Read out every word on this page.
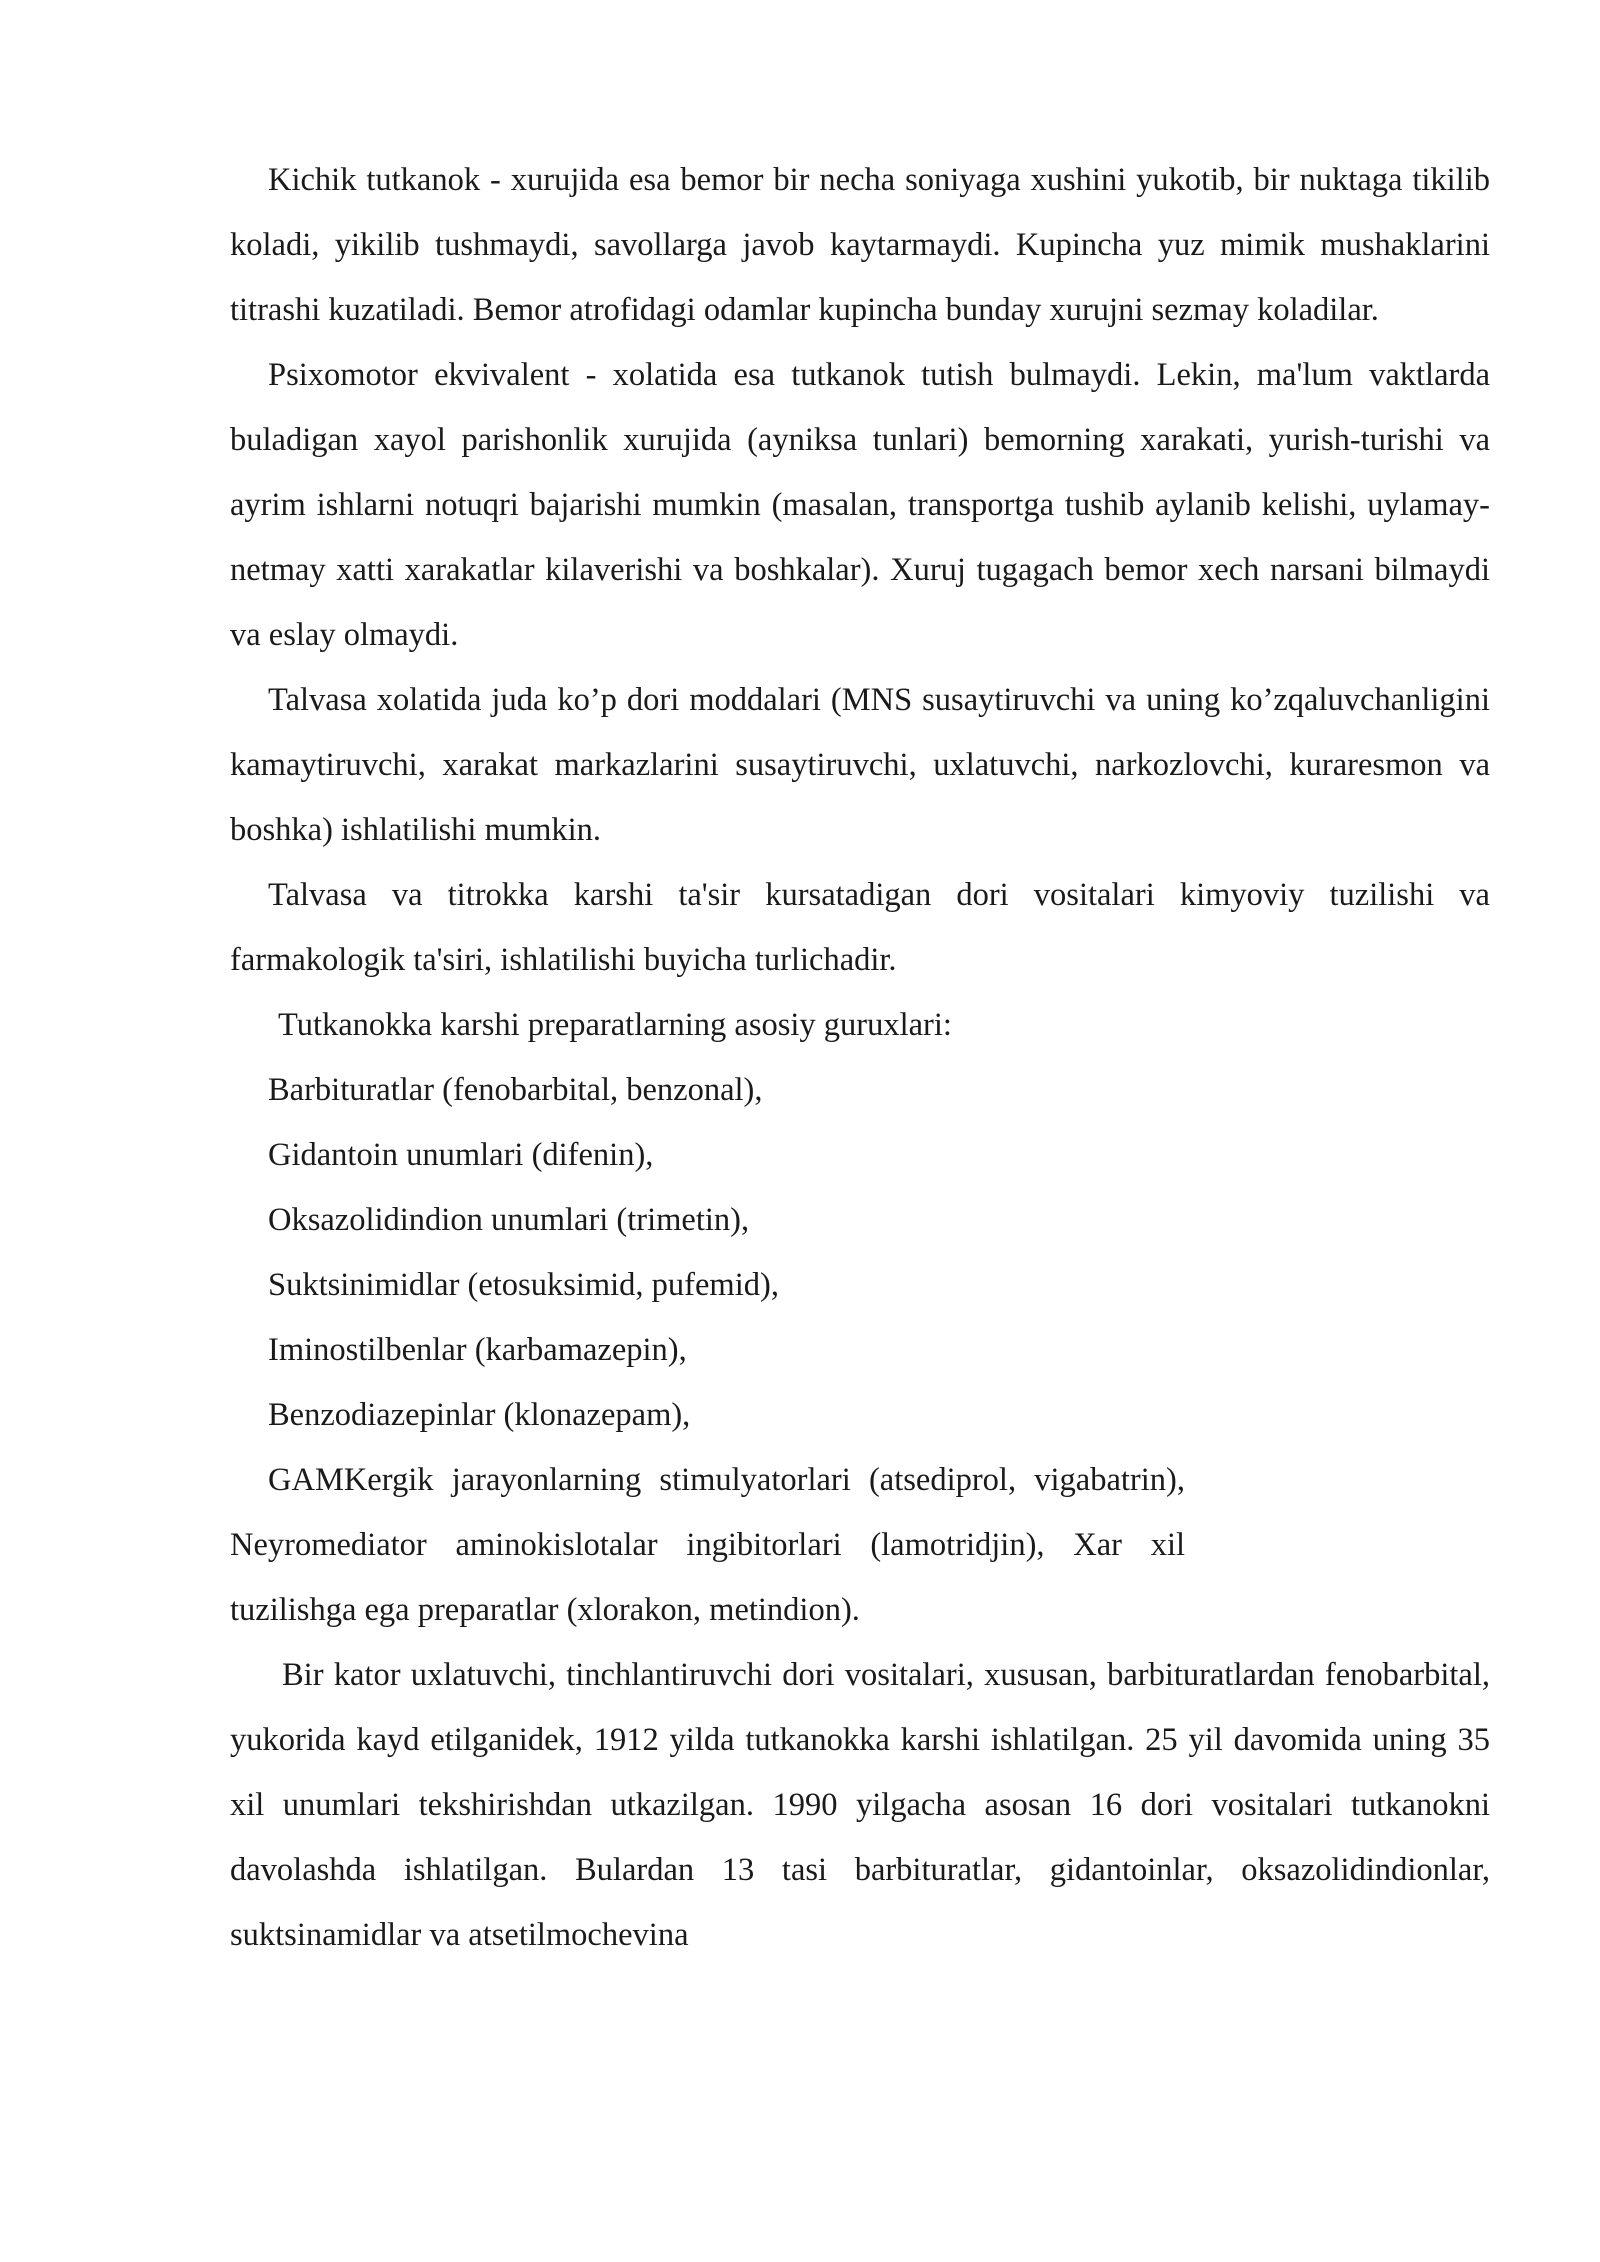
Kichik tutkanok - xurujida esa bemor bir necha soniyaga xushini yukotib, bir nuktaga tikilib koladi, yikilib tushmaydi, savollarga javob kaytarmaydi. Kupincha yuz mimik mushaklarini titrashi kuzatiladi. Bemor atrofidagi odamlar kupincha bunday xurujni sezmay koladilar.

Psixomotor ekvivalent - xolatida esa tutkanok tutish bulmaydi. Lekin, ma'lum vaktlarda buladigan xayol parishonlik xurujida (ayniksa tunlari) bemorning xarakati, yurish-turishi va ayrim ishlarni notuqri bajarishi mumkin (masalan, transportga tushib aylanib kelishi, uylamay-netmay xatti xarakatlar kilaverishi va boshkalar). Xuruj tugagach bemor xech narsani bilmaydi va eslay olmaydi.

Talvasa xolatida juda ko’p dori moddalari (MNS susaytiruvchi va uning ko’zqaluvchanligini kamaytiruvchi, xarakat markazlarini susaytiruvchi, uxlatuvchi, narkozlovchi, kuraresmon va boshka) ishlatilishi mumkin.

Talvasa va titrokka karshi ta'sir kursatadigan dori vositalari kimyoviy tuzilishi va farmakologik ta'siri, ishlatilishi buyicha turlichadir.

Tutkanokka karshi preparatlarning asosiy guruxlari:

Barbituratlar (fenobarbital, benzonal),

Gidantoin unumlari (difenin),

Oksazolidindion unumlari (trimetin),

Suktsinimidlar (etosuksimid, pufemid),

Iminostilbenlar (karbamazepin),

Benzodiazepinlar (klonazepam),

GAMKergik jarayonlarning stimulyatorlari (atsediprol, vigabatrin), Neyromediator aminokislotalar ingibitorlari (lamotridjin), Xar xil tuzilishga ega preparatlar (xlorakon, metindion).

Bir kator uxlatuvchi, tinchlantiruvchi dori vositalari, xususan, barbituratlardan fenobarbital, yukorida kayd etilganidek, 1912 yilda tutkanokka karshi ishlatilgan. 25 yil davomida uning 35 xil unumlari tekshirishdan utkazilgan. 1990 yilgacha asosan 16 dori vositalari tutkanokni davolashda ishlatilgan. Bulardan 13 tasi barbituratlar, gidantoinlar, oksazolidindionlar, suktsinamidlar va atsetilmochevina
